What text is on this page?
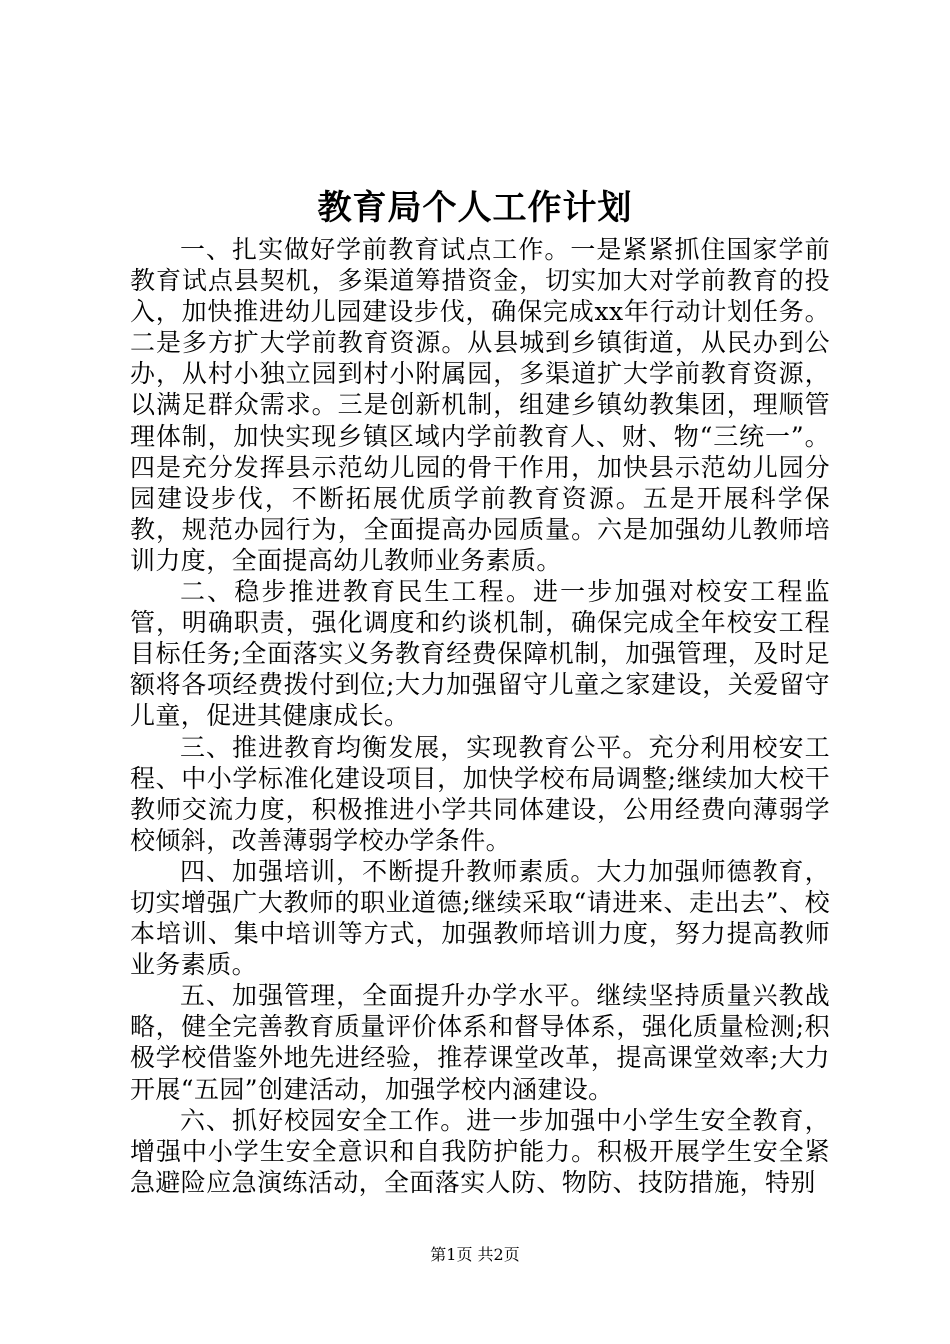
教育局个人工作计划

一、扎实做好学前教育试点工作。一是紧紧抓住国家学前教育试点县契机，多渠道筹措资金，切实加大对学前教育的投入，加快推进幼儿园建设步伐，确保完成xx年行动计划任务。二是多方扩大学前教育资源。从县城到乡镇街道，从民办到公办，从村小独立园到村小附属园，多渠道扩大学前教育资源，以满足群众需求。三是创新机制，组建乡镇幼教集团，理顺管理体制，加快实现乡镇区域内学前教育人、财、物“三统一”。四是充分发挥县示范幼儿园的骨干作用，加快县示范幼儿园分园建设步伐，不断拓展优质学前教育资源。五是开展科学保教，规范办园行为，全面提高办园质量。六是加强幼儿教师培训力度，全面提高幼儿教师业务素质。

二、稳步推进教育民生工程。进一步加强对校安工程监管，明确职责，强化调度和约谈机制，确保完成全年校安工程目标任务;全面落实义务教育经费保障机制，加强管理，及时足额将各项经费拨付到位;大力加强留守儿童之家建设，关爱留守儿童，促进其健康成长。

三、推进教育均衡发展，实现教育公平。充分利用校安工程、中小学标准化建设项目，加快学校布局调整;继续加大校干教师交流力度，积极推进小学共同体建设，公用经费向薄弱学校倾斜，改善薄弱学校办学条件。

四、加强培训，不断提升教师素质。大力加强师德教育，切实增强广大教师的职业道德;继续采取“请进来、走出去”、校本培训、集中培训等方式，加强教师培训力度，努力提高教师业务素质。

五、加强管理，全面提升办学水平。继续坚持质量兴教战略，健全完善教育质量评价体系和督导体系，强化质量检测;积极学校借鉴外地先进经验，推荐课堂改革，提高课堂效率;大力开展“五园”创建活动，加强学校内涵建设。

六、抓好校园安全工作。进一步加强中小学生安全教育，增强中小学生安全意识和自我防护能力。积极开展学生安全紧急避险应急演练活动，全面落实人防、物防、技防措施，特别

第1页 共2页
